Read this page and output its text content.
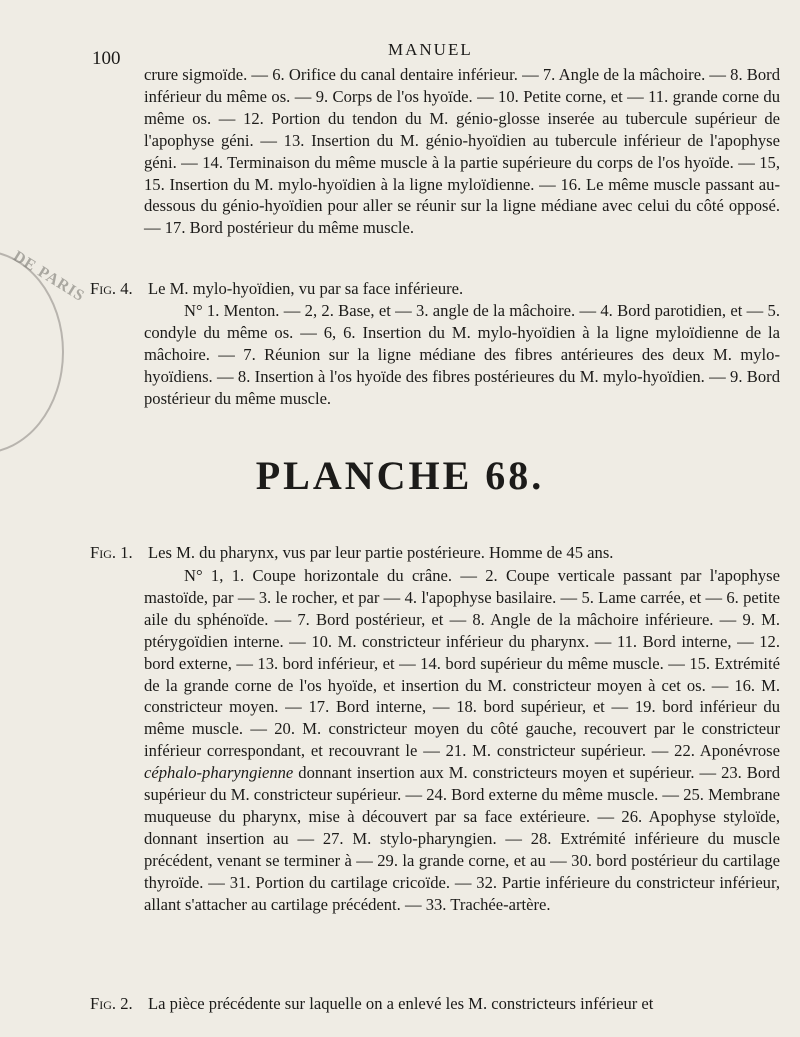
DE PARIS
100	MANUEL

crure sigmoïde. — 6. Orifice du canal dentaire inférieur. — 7. Angle de la mâchoire. — 8. Bord inférieur du même os. — 9. Corps de l'os hyoïde. — 10. Petite corne, et — 11. grande corne du même os. — 12. Portion du tendon du M. génio-glosse inserée au tubercule supérieur de l'apophyse géni. — 13. Insertion du M. génio-hyoïdien au tubercule inférieur de l'apophyse géni. — 14. Terminaison du même muscle à la partie supérieure du corps de l'os hyoïde. — 15, 15. Insertion du M. mylo-hyoïdien à la ligne myloïdienne. — 16. Le même muscle passant au-dessous du génio-hyoïdien pour aller se réunir sur la ligne médiane avec celui du côté opposé. — 17. Bord postérieur du même muscle.

Fig. 4. Le M. mylo-hyoïdien, vu par sa face inférieure.

N° 1. Menton. — 2, 2. Base, et — 3. angle de la mâchoire. — 4. Bord parotidien, et — 5. condyle du même os. — 6, 6. Insertion du M. mylo-hyoïdien à la ligne myloïdienne de la mâchoire. — 7. Réunion sur la ligne médiane des fibres antérieures des deux M. mylo-hyoïdiens. — 8. Insertion à l'os hyoïde des fibres postérieures du M. mylo-hyoïdien. — 9. Bord postérieur du même muscle.

PLANCHE 68.
Fig. 1. Les M. du pharynx, vus par leur partie postérieure. Homme de 45 ans.

N° 1, 1. Coupe horizontale du crâne. — 2. Coupe verticale passant par l'apophyse mastoïde, par — 3. le rocher, et par — 4. l'apophyse basilaire. — 5. Lame carrée, et — 6. petite aile du sphénoïde. — 7. Bord postérieur, et — 8. Angle de la mâchoire inférieure. — 9. M. ptérygoïdien interne. — 10. M. constricteur inférieur du pharynx. — 11. Bord interne, — 12. bord externe, — 13. bord inférieur, et — 14. bord supérieur du même muscle. — 15. Extrémité de la grande corne de l'os hyoïde, et insertion du M. constricteur moyen à cet os. — 16. M. constricteur moyen. — 17. Bord interne, — 18. bord supérieur, et — 19. bord inférieur du même muscle. — 20. M. constricteur moyen du côté gauche, recouvert par le constricteur inférieur correspondant, et recouvrant le — 21. M. constricteur supérieur. — 22. Aponévrose céphalo-pharyngienne donnant insertion aux M. constricteurs moyen et supérieur. — 23. Bord supérieur du M. constricteur supérieur. — 24. Bord externe du même muscle. — 25. Membrane muqueuse du pharynx, mise à découvert par sa face extérieure. — 26. Apophyse styloïde, donnant insertion au — 27. M. stylo-pharyngien. — 28. Extrémité inférieure du muscle précédent, venant se terminer à — 29. la grande corne, et au — 30. bord postérieur du cartilage thyroïde. — 31. Portion du cartilage cricoïde. — 32. Partie inférieure du constricteur inférieur, allant s'attacher au cartilage précédent. — 33. Trachée-artère.

Fig. 2. La pièce précédente sur laquelle on a enlevé les M. constricteurs inférieur et
